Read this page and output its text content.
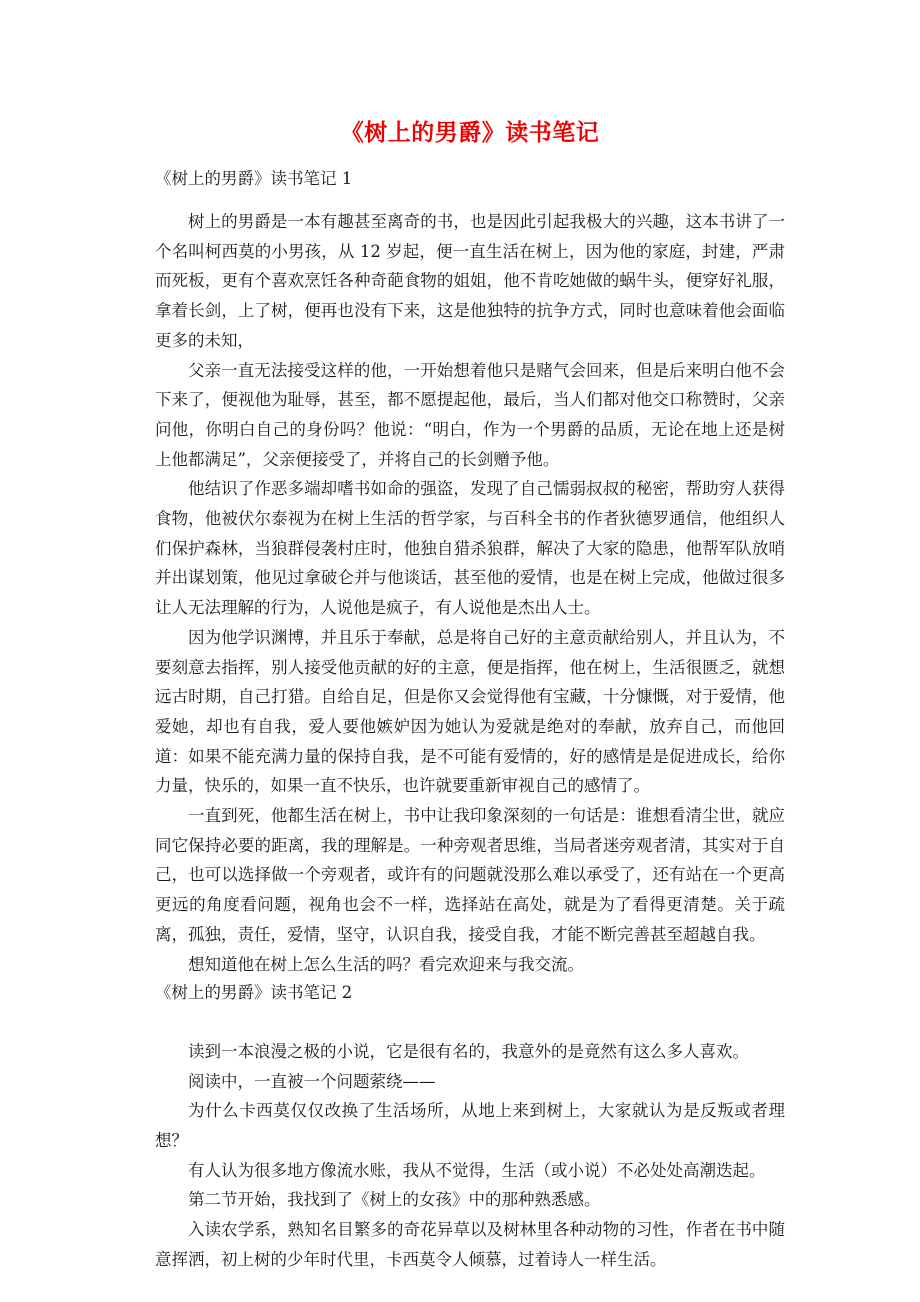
《树上的男爵》读书笔记
《树上的男爵》读书笔记 1

树上的男爵是一本有趣甚至离奇的书，也是因此引起我极大的兴趣，这本书讲了一个名叫柯西莫的小男孩，从 12 岁起，便一直生活在树上，因为他的家庭，封建，严肃而死板，更有个喜欢烹饪各种奇葩食物的姐姐，他不肯吃她做的蜗牛头，便穿好礼服，拿着长剑，上了树，便再也没有下来，这是他独特的抗争方式，同时也意味着他会面临更多的未知，

父亲一直无法接受这样的他，一开始想着他只是赌气会回来，但是后来明白他不会下来了，便视他为耻辱，甚至，都不愿提起他，最后，当人们都对他交口称赞时，父亲问他，你明白自己的身份吗？他说：“明白，作为一个男爵的品质，无论在地上还是树上他都满足”，父亲便接受了，并将自己的长剑赠予他。

他结识了作恶多端却嗜书如命的强盗，发现了自己懦弱叔叔的秘密，帮助穷人获得食物，他被伏尔泰视为在树上生活的哲学家，与百科全书的作者狄德罗通信，他组织人们保护森林，当狼群侵袭村庄时，他独自猎杀狼群，解决了大家的隐患，他帮军队放哨并出谋划策，他见过拿破仑并与他谈话，甚至他的爱情，也是在树上完成，他做过很多让人无法理解的行为，人说他是疯子，有人说他是杰出人士。

因为他学识渊博，并且乐于奉献，总是将自己好的主意贡献给别人，并且认为，不要刻意去指挥，别人接受他贡献的好的主意，便是指挥，他在树上，生活很匮乏，就想远古时期，自己打猎。自给自足，但是你又会觉得他有宝藏，十分慷慨，对于爱情，他爱她，却也有自我，爱人要他嫉妒因为她认为爱就是绝对的奉献，放弃自己，而他回道：如果不能充满力量的保持自我，是不可能有爱情的，好的感情是是促进成长，给你力量，快乐的，如果一直不快乐，也许就要重新审视自己的感情了。

一直到死，他都生活在树上，书中让我印象深刻的一句话是：谁想看清尘世，就应同它保持必要的距离，我的理解是。一种旁观者思维，当局者迷旁观者清，其实对于自己，也可以选择做一个旁观者，或许有的问题就没那么难以承受了，还有站在一个更高更远的角度看问题，视角也会不一样，选择站在高处，就是为了看得更清楚。关于疏离，孤独，责任，爱情，坚守，认识自我，接受自我，才能不断完善甚至超越自我。

想知道他在树上怎么生活的吗？看完欢迎来与我交流。

《树上的男爵》读书笔记 2

读到一本浪漫之极的小说，它是很有名的，我意外的是竟然有这么多人喜欢。

阅读中，一直被一个问题萦绕——

为什么卡西莫仅仅改换了生活场所，从地上来到树上，大家就认为是反叛或者理想？

有人认为很多地方像流水账，我从不觉得，生活（或小说）不必处处高潮迭起。

第二节开始，我找到了《树上的女孩》中的那种熟悉感。

入读农学系，熟知名目繁多的奇花异草以及树林里各种动物的习性，作者在书中随意挥洒，初上树的少年时代里，卡西莫令人倾慕，过着诗人一样生活。
